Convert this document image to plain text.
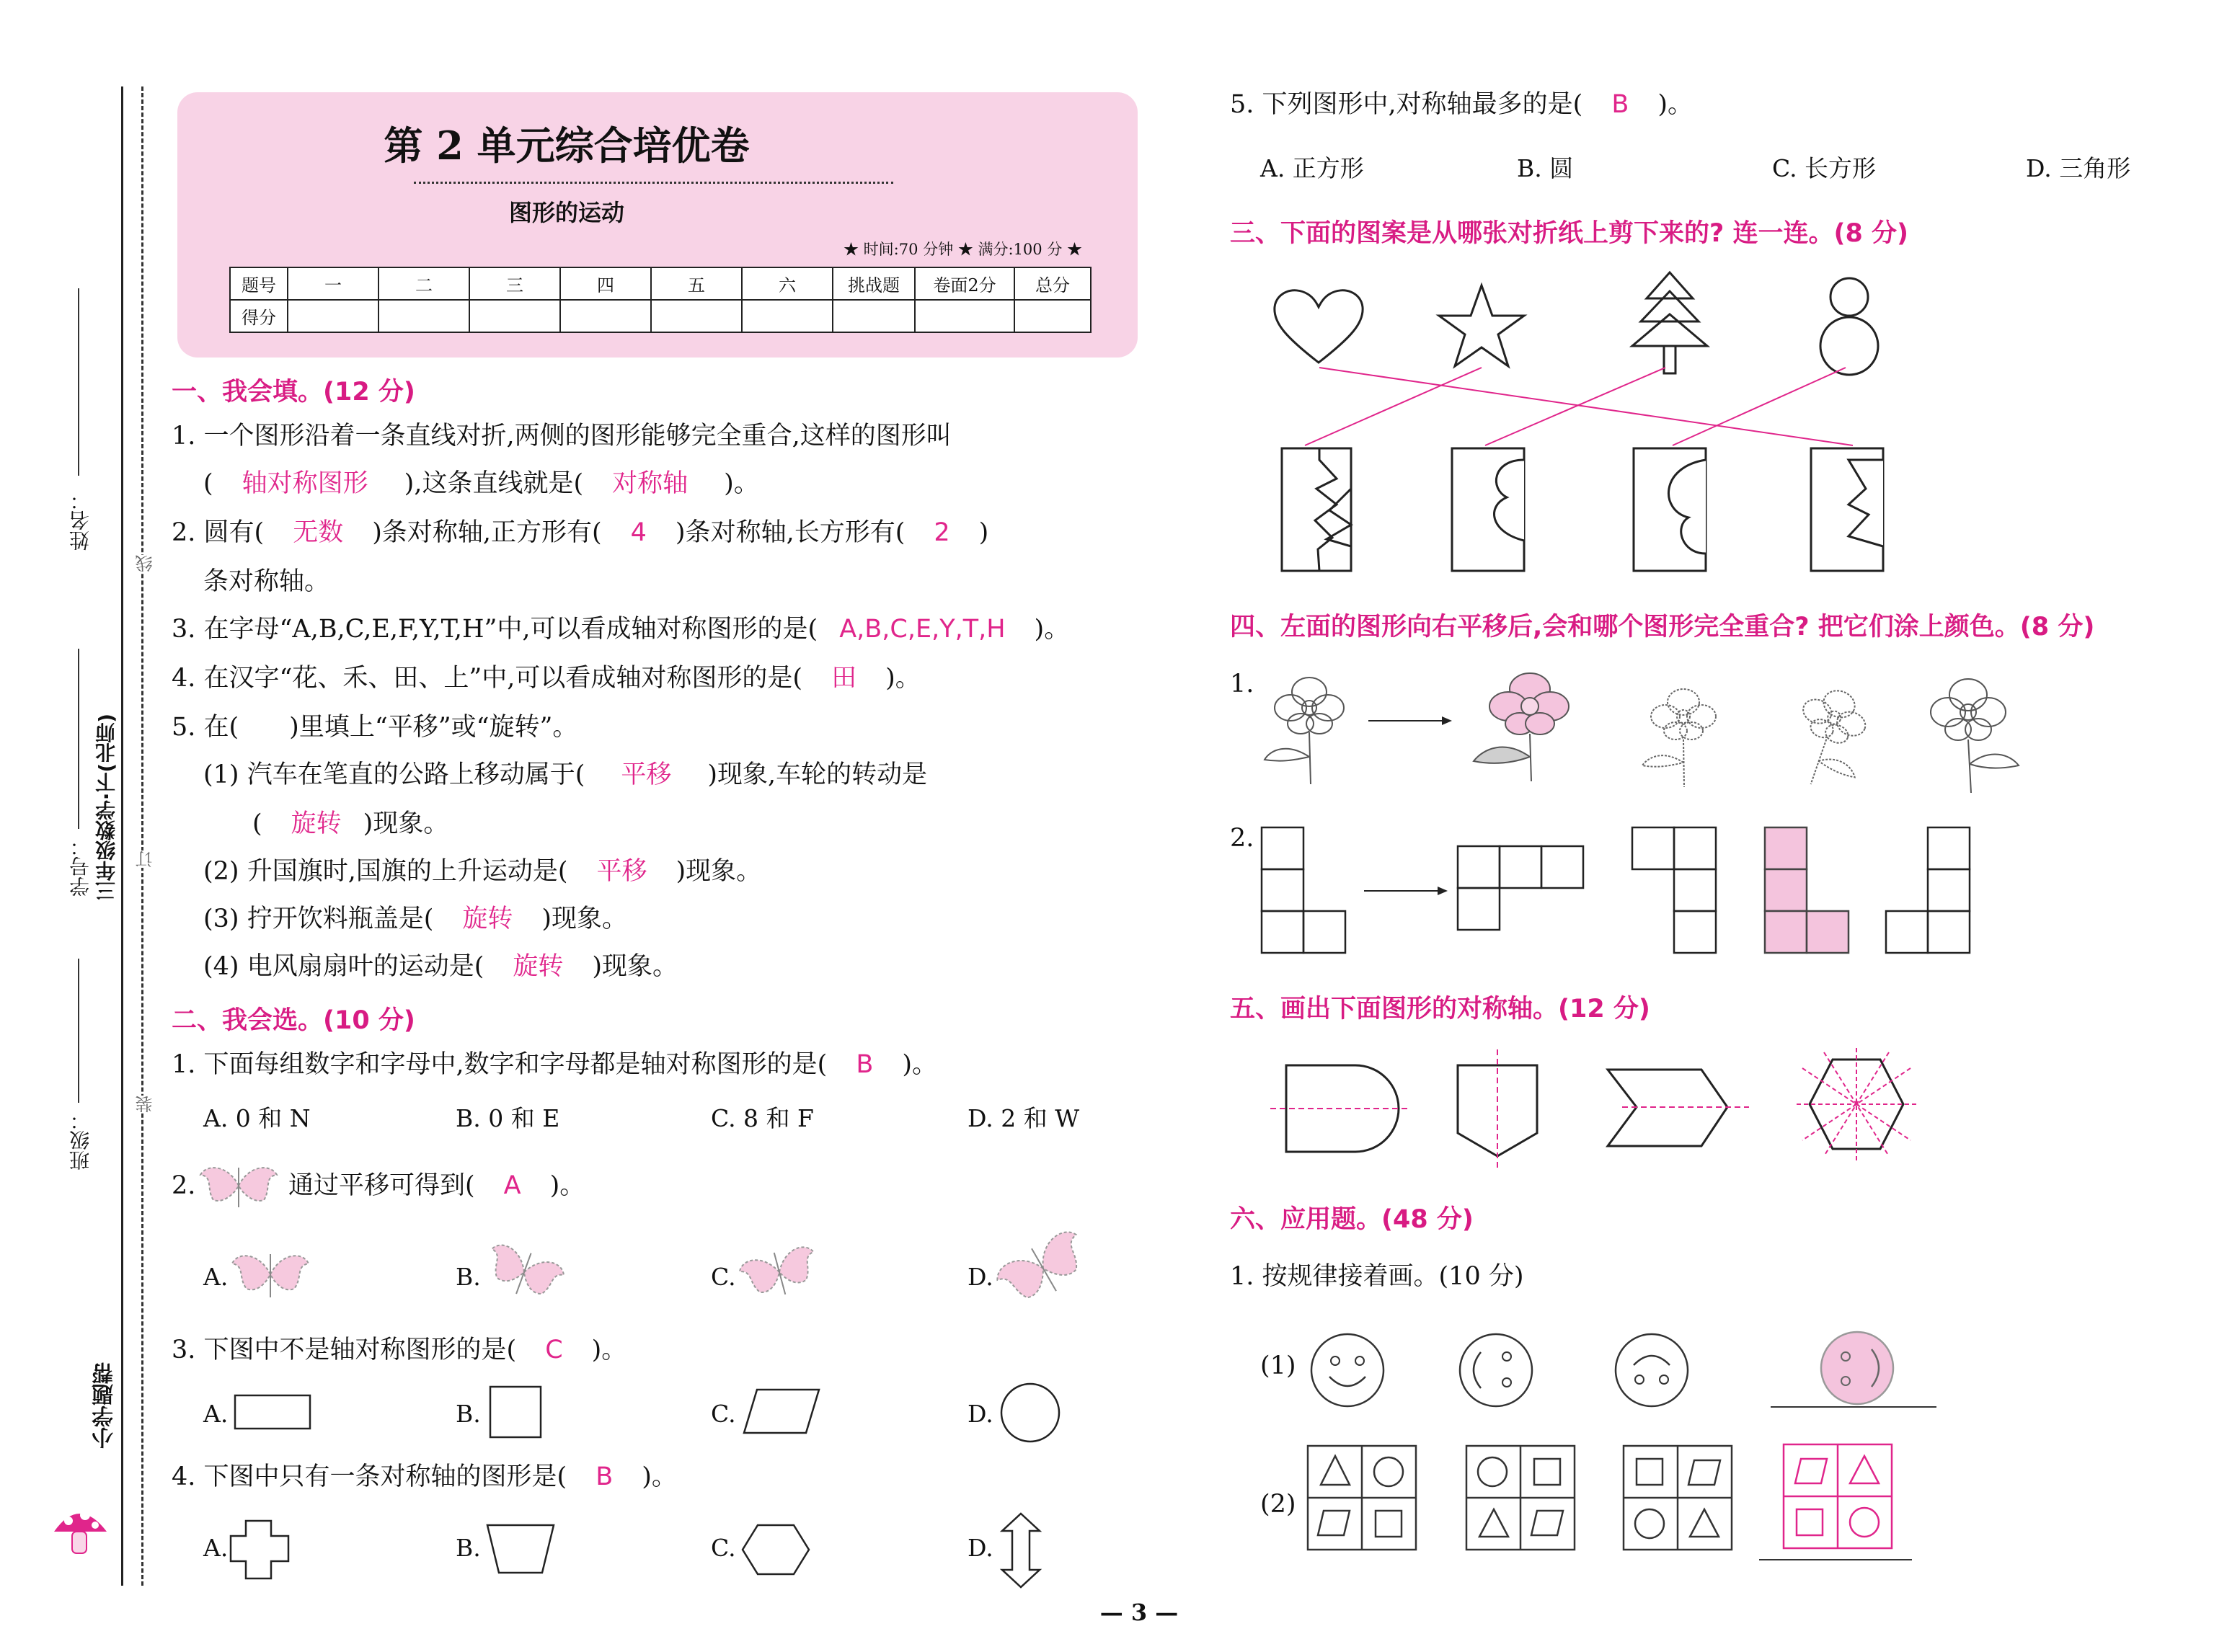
姓名：
学号：
班级：
三年级数学·下(北师)
线
订
装
小学题帮
第 2 单元综合培优卷
图形的运动
★ 时间:70 分钟 ★ 满分:100 分 ★
题号	一	二	三	四	五	六	挑战题	卷面2分	总分
得分									
一、我会填。(12 分)
1. 一个图形沿着一条直线对折,两侧的图形能够完全重合,这样的图形叫
( 轴对称图形 ),这条直线就是( 对称轴 )。
2. 圆有( 无数 )条对称轴,正方形有( 4 )条对称轴,长方形有( 2 )
条对称轴。
3. 在字母“A,B,C,E,F,Y,T,H”中,可以看成轴对称图形的是( A,B,C,E,Y,T,H )。
4. 在汉字“花、禾、田、上”中,可以看成轴对称图形的是( 田 )。
5. 在(　　)里填上“平移”或“旋转”。
(1) 汽车在笔直的公路上移动属于( 平移 )现象,车轮的转动是
( 旋转 )现象。
(2) 升国旗时,国旗的上升运动是( 平移 )现象。
(3) 拧开饮料瓶盖是( 旋转 )现象。
(4) 电风扇扇叶的运动是( 旋转 )现象。
二、我会选。(10 分)
1. 下面每组数字和字母中,数字和字母都是轴对称图形的是( B )。
A. 0 和 N	B. 0 和 E	C. 8 和 F	D. 2 和 W
2.	通过平移可得到( A )。
A.	B.	C.	D.
3. 下图中不是轴对称图形的是( C )。
A.	B.	C.	D.
4. 下图中只有一条对称轴的图形是( B )。
A.	B.	C.	D.
5. 下列图形中,对称轴最多的是( B )。
A. 正方形	B. 圆	C. 长方形	D. 三角形
三、下面的图案是从哪张对折纸上剪下来的? 连一连。(8 分)
四、左面的图形向右平移后,会和哪个图形完全重合? 把它们涂上颜色。(8 分)
1.
2.
五、画出下面图形的对称轴。(12 分)
六、应用题。(48 分)
1. 按规律接着画。(10 分)
(1)
(2)
— 3 —
